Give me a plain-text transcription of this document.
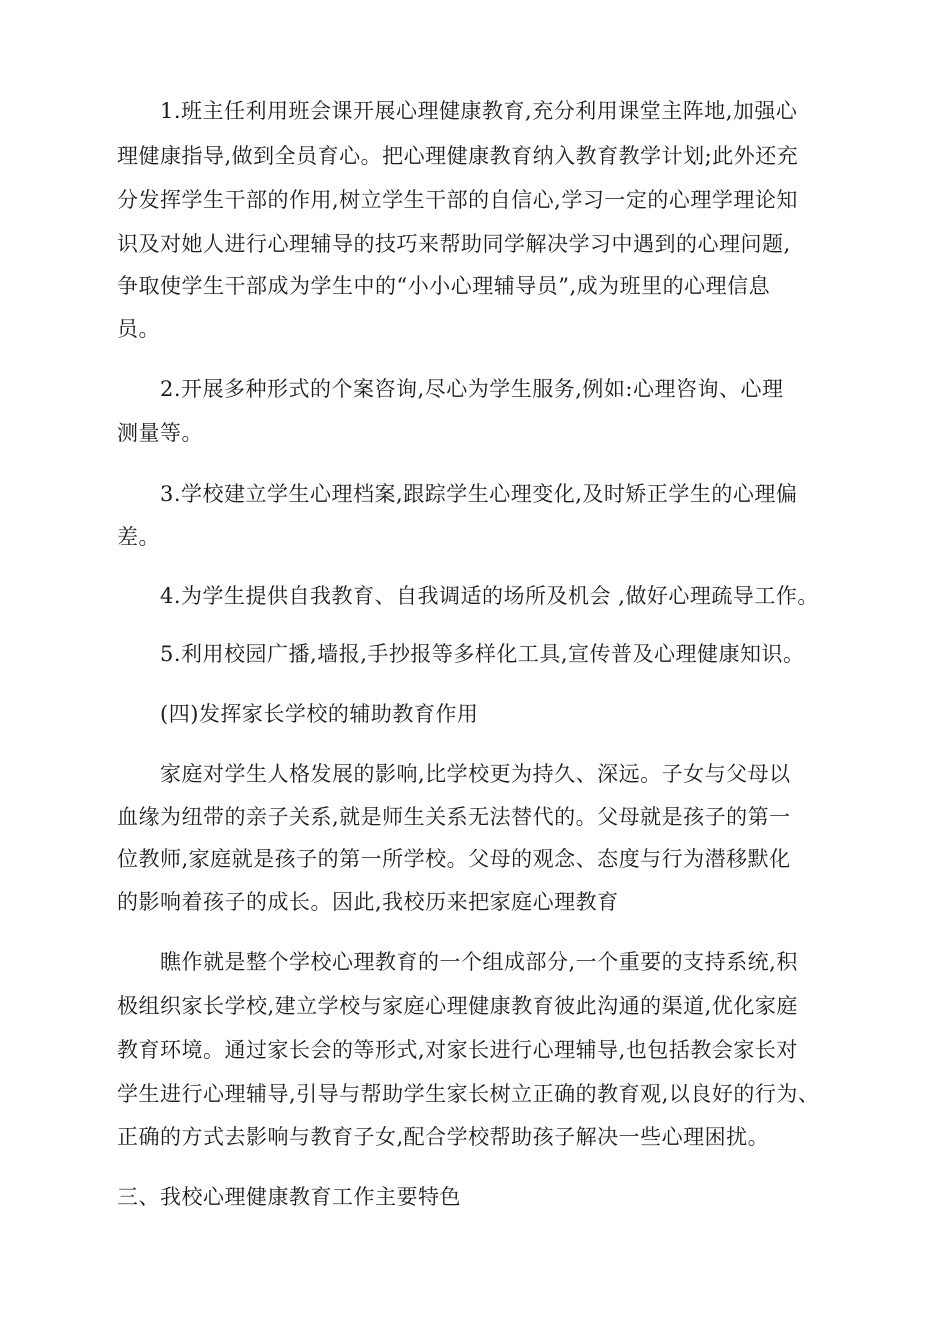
1.班主任利用班会课开展心理健康教育,充分利用课堂主阵地,加强心
理健康指导,做到全员育心。把心理健康教育纳入教育教学计划;此外还充
分发挥学生干部的作用,树立学生干部的自信心,学习一定的心理学理论知
识及对她人进行心理辅导的技巧来帮助同学解决学习中遇到的心理问题,
争取使学生干部成为学生中的“小小心理辅导员”,成为班里的心理信息
员。
2.开展多种形式的个案咨询,尽心为学生服务,例如:心理咨询、心理
测量等。
3.学校建立学生心理档案,跟踪学生心理变化,及时矫正学生的心理偏
差。
4.为学生提供自我教育、自我调适的场所及机会 ,做好心理疏导工作。
5.利用校园广播,墙报,手抄报等多样化工具,宣传普及心理健康知识。
(四)发挥家长学校的辅助教育作用
家庭对学生人格发展的影响,比学校更为持久、深远。子女与父母以
血缘为纽带的亲子关系,就是师生关系无法替代的。父母就是孩子的第一
位教师,家庭就是孩子的第一所学校。父母的观念、态度与行为潜移默化
的影响着孩子的成长。因此,我校历来把家庭心理教育
瞧作就是整个学校心理教育的一个组成部分,一个重要的支持系统,积
极组织家长学校,建立学校与家庭心理健康教育彼此沟通的渠道,优化家庭
教育环境。通过家长会的等形式,对家长进行心理辅导,也包括教会家长对
学生进行心理辅导,引导与帮助学生家长树立正确的教育观,以良好的行为、
正确的方式去影响与教育子女,配合学校帮助孩子解决一些心理困扰。
三、我校心理健康教育工作主要特色
